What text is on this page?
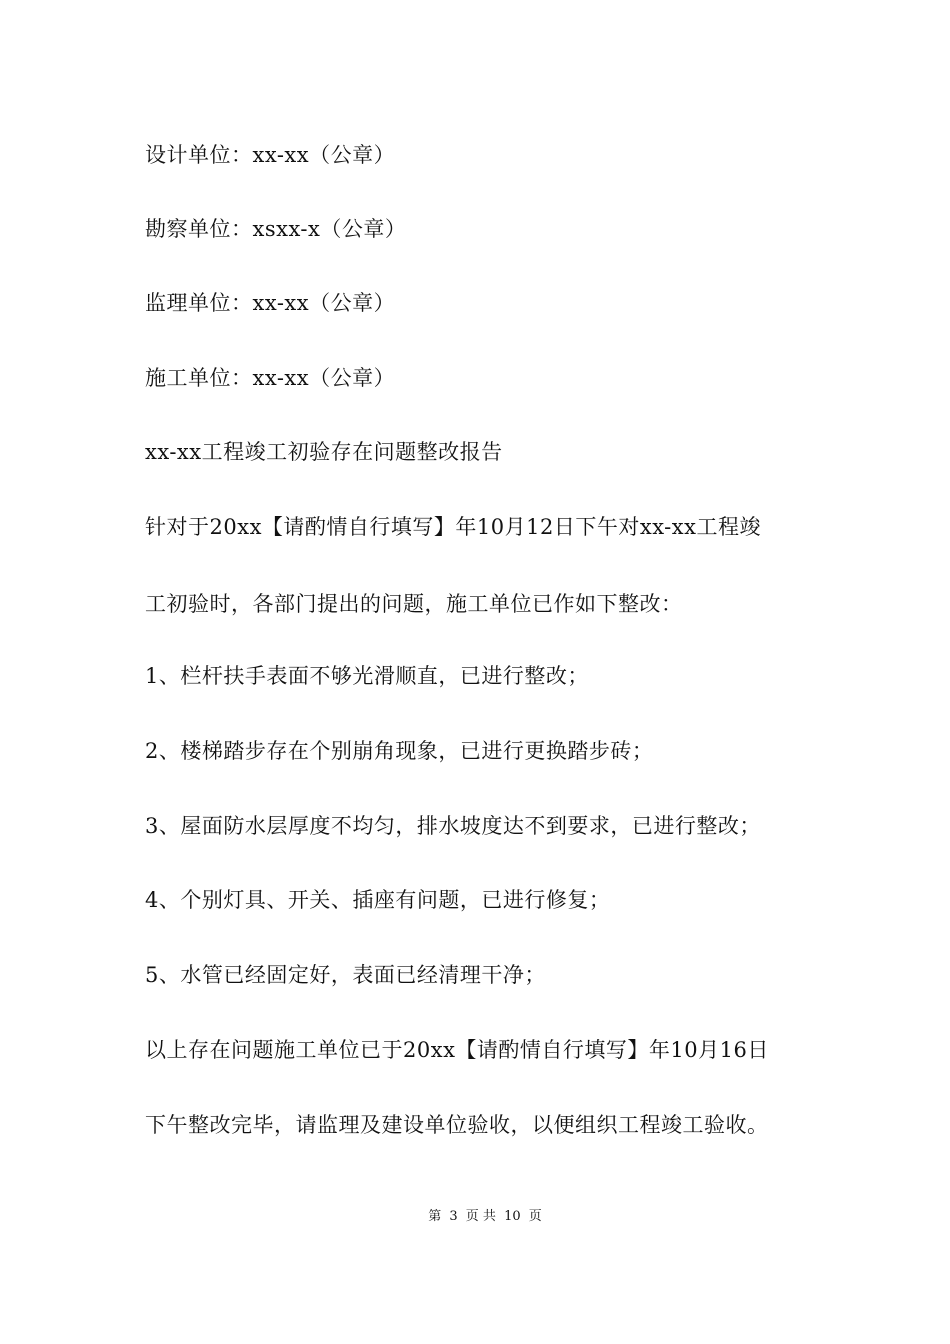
设计单位：xx-xx（公章）
勘察单位：xsxx-x（公章）
监理单位：xx-xx（公章）
施工单位：xx-xx（公章）
xx-xx工程竣工初验存在问题整改报告
针对于20xx【请酌情自行填写】年10月12日下午对xx-xx工程竣
工初验时，各部门提出的问题，施工单位已作如下整改：
1、栏杆扶手表面不够光滑顺直，已进行整改；
2、楼梯踏步存在个别崩角现象，已进行更换踏步砖；
3、屋面防水层厚度不均匀，排水坡度达不到要求，已进行整改；
4、个别灯具、开关、插座有问题，已进行修复；
5、水管已经固定好，表面已经清理干净；
以上存在问题施工单位已于20xx【请酌情自行填写】年10月16日
下午整改完毕，请监理及建设单位验收，以便组织工程竣工验收。
第 3 页 共 10 页
